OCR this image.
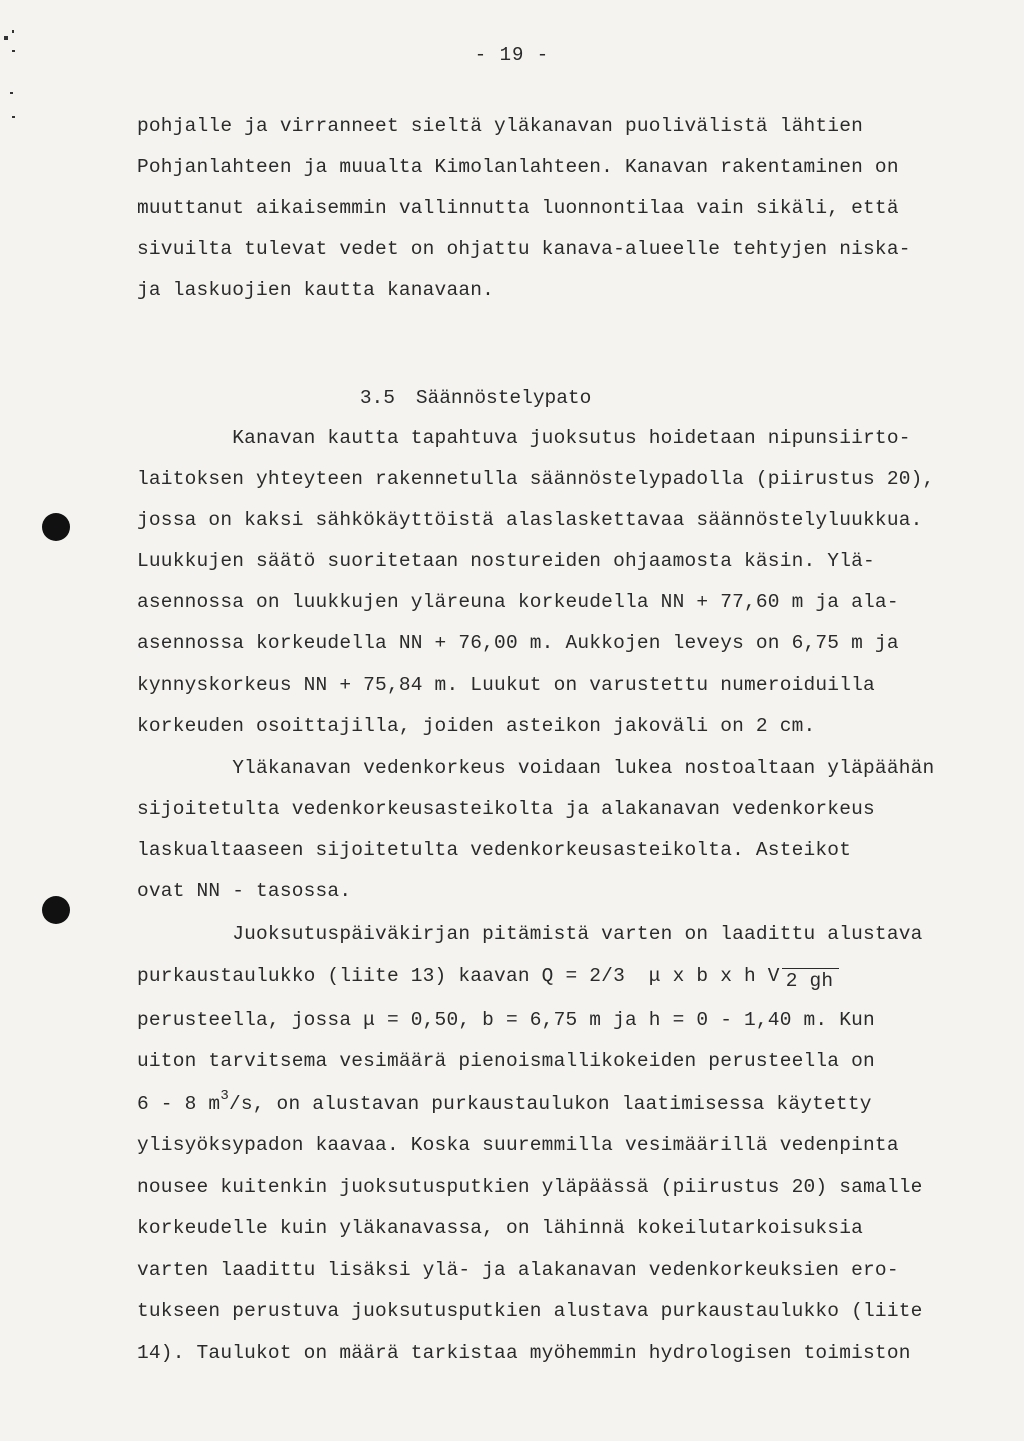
- 19 -
pohjalle ja virranneet sieltä yläkanavan puolivälistä lähtien
Pohjanlahteen ja muualta Kimolanlahteen. Kanavan rakentaminen on
muuttanut aikaisemmin vallinnutta luonnontilaa vain sikäli, että
sivuilta tulevat vedet on ohjattu kanava-alueelle tehtyjen niska-
ja laskuojien kautta kanavaan.

3.5 Säännöstelypato

Kanavan kautta tapahtuva juoksutus hoidetaan nipunsiirto-
laitoksen yhteyteen rakennetulla säännöstelypadolla (piirustus 20),
jossa on kaksi sähkökäyttöistä alaslaskettavaa säännöstelyluukkua.
Luukkujen säätö suoritetaan nostureiden ohjaamosta käsin. Ylä-
asennossa on luukkujen yläreuna korkeudella NN + 77,60 m ja ala-
asennossa korkeudella NN + 76,00 m. Aukkojen leveys on 6,75 m ja
kynnyskorkeus NN + 75,84 m. Luukut on varustettu numeroiduilla
korkeuden osoittajilla, joiden asteikon jakoväli on 2 cm.
Yläkanavan vedenkorkeus voidaan lukea nostoaltaan yläpäähän
sijoitetulta vedenkorkeusasteikolta ja alakanavan vedenkorkeus
laskualtaaseen sijoitetulta vedenkorkeusasteikolta. Asteikot
ovat NN - tasossa.
Juoksutuspäiväkirjan pitämistä varten on laadittu alustava
purkaustaulukko (liite 13) kaavan Q = 2/3  μ x b x h V 2 gh
perusteella, jossa μ = 0,50, b = 6,75 m ja h = 0 - 1,40 m. Kun
uiton tarvitsema vesimäärä pienoismallikokeiden perusteella on
6 - 8 $m^3/s$, on alustavan purkaustaulukon laatimisessa käytetty
ylisyöksypadon kaavaa. Koska suuremmilla vesimäärillä vedenpinta
nousee kuitenkin juoksutusputkien yläpäässä (piirustus 20) samalle
korkeudelle kuin yläkanavassa, on lähinnä kokeilutarkoisuksia
varten laadittu lisäksi ylä- ja alakanavan vedenkorkeuksien ero-
tukseen perustuva juoksutusputkien alustava purkaustaulukko (liite
14). Taulukot on määrä tarkistaa myöhemmin hydrologisen toimiston
